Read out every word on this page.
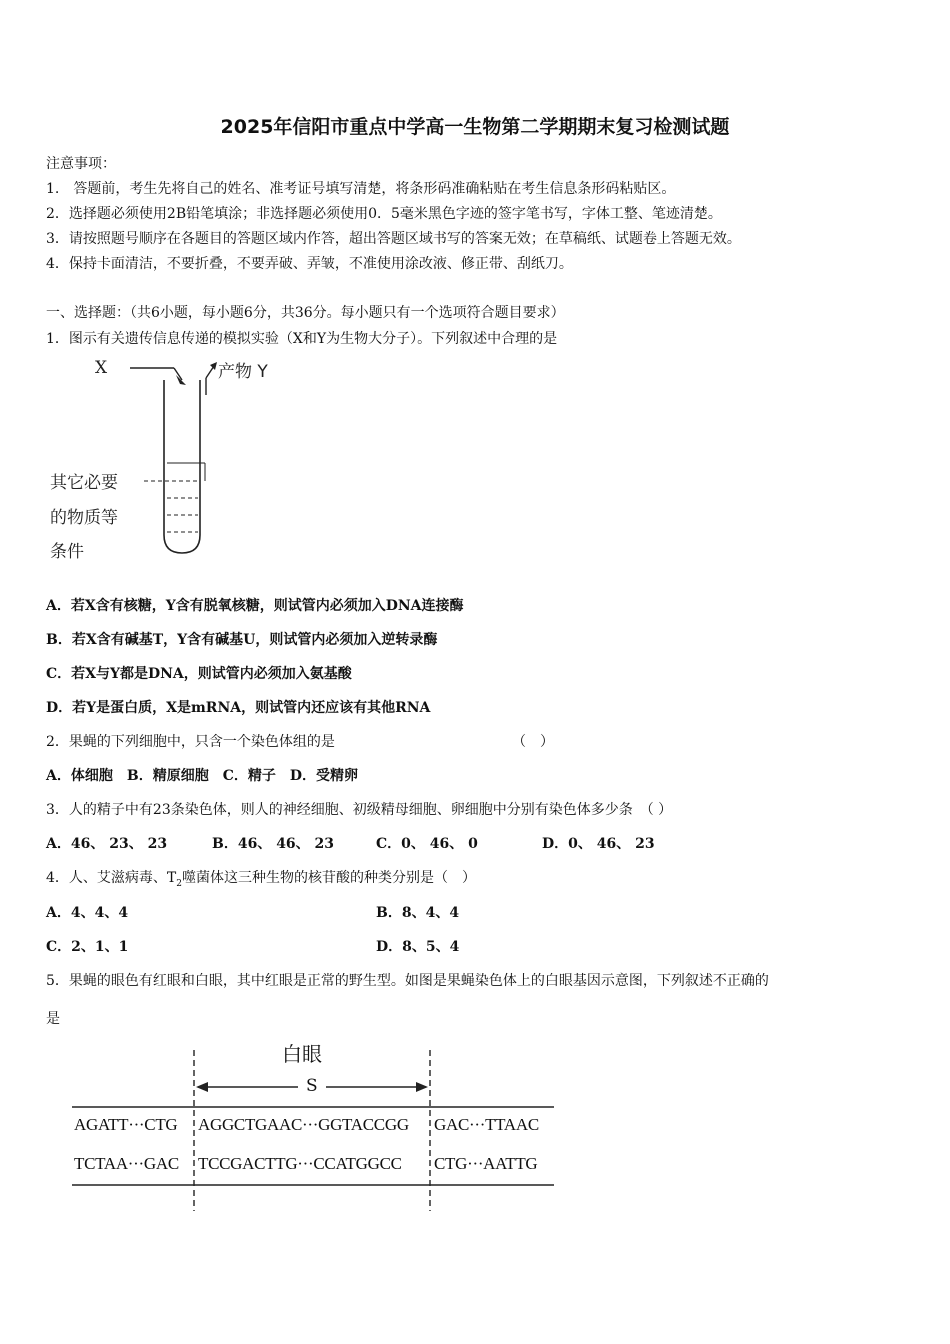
2025年信阳市重点中学高一生物第二学期期末复习检测试题
注意事项：
1.　答题前，考生先将自己的姓名、准考证号填写清楚，将条形码准确粘贴在考生信息条形码粘贴区。
2．选择题必须使用2B铅笔填涂；非选择题必须使用0．5毫米黑色字迹的签字笔书写，字体工整、笔迹清楚。
3．请按照题号顺序在各题目的答题区域内作答，超出答题区域书写的答案无效；在草稿纸、试题卷上答题无效。
4．保持卡面清洁，不要折叠，不要弄破、弄皱，不准使用涂改液、修正带、刮纸刀。
一、选择题：（共6小题，每小题6分，共36分。每小题只有一个选项符合题目要求）
1．图示有关遗传信息传递的模拟实验（X和Y为生物大分子）。下列叙述中合理的是
X	产物 Y
其它必要
的物质等
条件
A．若X含有核糖，Y含有脱氧核糖，则试管内必须加入DNA连接酶
B．若X含有碱基T，Y含有碱基U，则试管内必须加入逆转录酶
C．若X与Y都是DNA，则试管内必须加入氨基酸
D．若Y是蛋白质，X是mRNA，则试管内还应该有其他RNA
2．果蝇的下列细胞中，只含一个染色体组的是	（　）
A．体细胞　B．精原细胞　C．精子　D．受精卵
3．人的精子中有23条染色体，则人的神经细胞、初级精母细胞、卵细胞中分别有染色体多少条　（ ）
A．46、 23、 23	B．46、 46、 23	C．0、 46、 0	D．0、 46、 23
4．人、艾滋病毒、$T_2$噬菌体这三种生物的核苷酸的种类分别是（　）
A．4、4、4	B．8、4、4
C．2、1、1	D．8、5、4
5．果蝇的眼色有红眼和白眼，其中红眼是正常的野生型。如图是果蝇染色体上的白眼基因示意图，下列叙述不正确的
是
白眼
S
AGATT···CTG AGGCTGAAC···GGTACCGG GAC···TTAAC
TCTAA···GAC TCCGACTTG···CCATGGCC CTG···AATTG
